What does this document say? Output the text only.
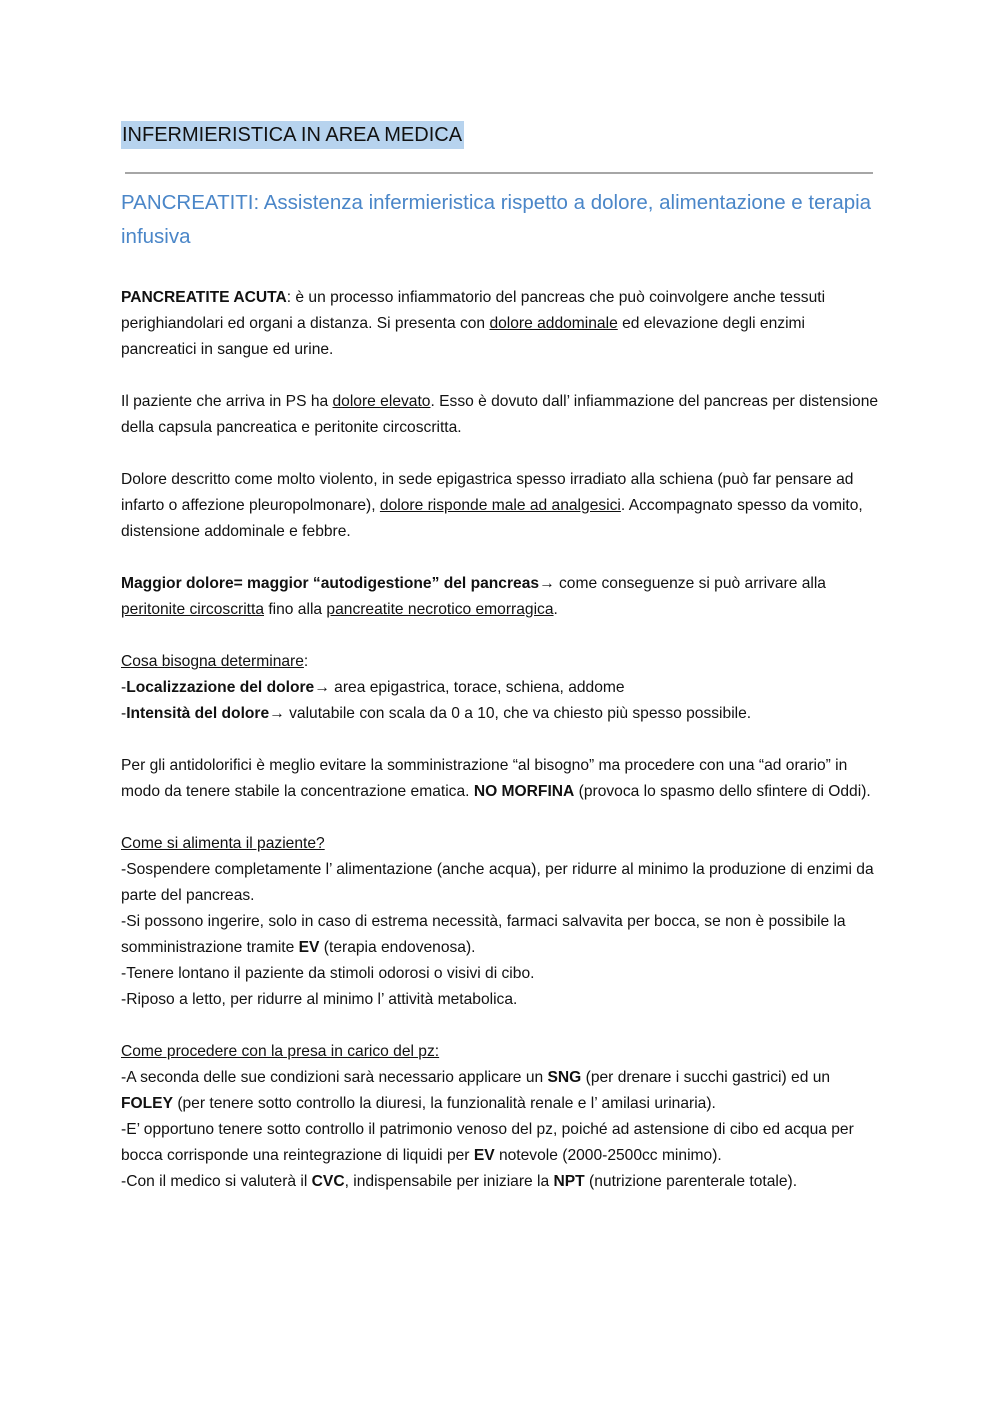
INFERMIERISTICA IN AREA MEDICA
PANCREATITI: Assistenza infermieristica rispetto a dolore, alimentazione e terapia infusiva

PANCREATITE ACUTA: è un processo infiammatorio del pancreas che può coinvolgere anche tessuti perighiandolari ed organi a distanza. Si presenta con dolore addominale ed elevazione degli enzimi pancreatici in sangue ed urine.

Il paziente che arriva in PS ha dolore elevato. Esso è dovuto dall’ infiammazione del pancreas per distensione della capsula pancreatica e peritonite circoscritta.

Dolore descritto come molto violento, in sede epigastrica spesso irradiato alla schiena (può far pensare ad infarto o affezione pleuropolmonare), dolore risponde male ad analgesici. Accompagnato spesso da vomito, distensione addominale e febbre.

Maggior dolore= maggior “autodigestione” del pancreas→ come conseguenze si può arrivare alla peritonite circoscritta fino alla pancreatite necrotico emorragica.

Cosa bisogna determinare:

-Localizzazione del dolore→ area epigastrica, torace, schiena, addome

-Intensità del dolore→ valutabile con scala da 0 a 10, che va chiesto più spesso possibile.

Per gli antidolorifici è meglio evitare la somministrazione “al bisogno” ma procedere con una “ad orario” in modo da tenere stabile la concentrazione ematica. NO MORFINA (provoca lo spasmo dello sfintere di Oddi).

Come si alimenta il paziente?

-Sospendere completamente l’ alimentazione (anche acqua), per ridurre al minimo la produzione di enzimi da parte del pancreas.

-Si possono ingerire, solo in caso di estrema necessità, farmaci salvavita per bocca, se non è possibile la somministrazione tramite EV (terapia endovenosa).

-Tenere lontano il paziente da stimoli odorosi o visivi di cibo.

-Riposo a letto, per ridurre al minimo l’ attività metabolica.

Come procedere con la presa in carico del pz:

-A seconda delle sue condizioni sarà necessario applicare un SNG (per drenare i succhi gastrici) ed un FOLEY (per tenere sotto controllo la diuresi, la funzionalità renale e l’ amilasi urinaria).

-E’ opportuno tenere sotto controllo il patrimonio venoso del pz, poiché ad astensione di cibo ed acqua per bocca corrisponde una reintegrazione di liquidi per EV notevole (2000-2500cc minimo).

-Con il medico si valuterà il CVC, indispensabile per iniziare la NPT (nutrizione parenterale totale).
